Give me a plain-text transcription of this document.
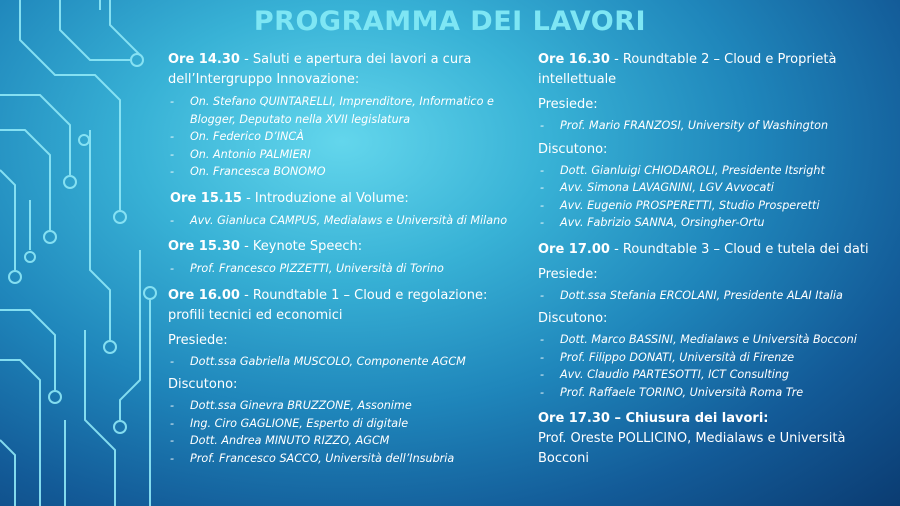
PROGRAMMA DEI LAVORI
Ore 14.30 - Saluti e apertura dei lavori a cura dell’Intergruppo Innovazione:
- On. Stefano QUINTARELLI, Imprenditore, Informatico e Blogger, Deputato nella XVII legislatura
- On. Federico D’INCÀ
- On. Antonio PALMIERI
- On. Francesca BONOMO
Ore 15.15 - Introduzione al Volume:
- Avv. Gianluca CAMPUS, Medialaws e Università di Milano
Ore 15.30 - Keynote Speech:
- Prof. Francesco PIZZETTI, Università di Torino
Ore 16.00 - Roundtable 1 – Cloud e regolazione: profili tecnici ed economici
Presiede:
- Dott.ssa Gabriella MUSCOLO, Componente AGCM
Discutono:
- Dott.ssa Ginevra BRUZZONE, Assonime
- Ing. Ciro GAGLIONE, Esperto di digitale
- Dott. Andrea MINUTO RIZZO, AGCM
- Prof. Francesco SACCO, Università dell’Insubria
Ore 16.30 - Roundtable 2 – Cloud e Proprietà intellettuale
Presiede:
- Prof. Mario FRANZOSI, University of Washington
Discutono:
- Dott. Gianluigi CHIODAROLI, Presidente Itsright
- Avv. Simona LAVAGNINI, LGV Avvocati
- Avv. Eugenio PROSPERETTI, Studio Prosperetti
- Avv. Fabrizio SANNA, Orsingher-Ortu
Ore 17.00 - Roundtable 3 – Cloud e tutela dei dati
Presiede:
- Dott.ssa Stefania ERCOLANI, Presidente ALAI Italia
Discutono:
- Dott. Marco BASSINI, Medialaws e Università Bocconi
- Prof. Filippo DONATI, Università di Firenze
- Avv. Claudio PARTESOTTI, ICT Consulting
- Prof. Raffaele TORINO, Università Roma Tre
Ore 17.30 – Chiusura dei lavori:
Prof. Oreste POLLICINO, Medialaws e Università Bocconi
